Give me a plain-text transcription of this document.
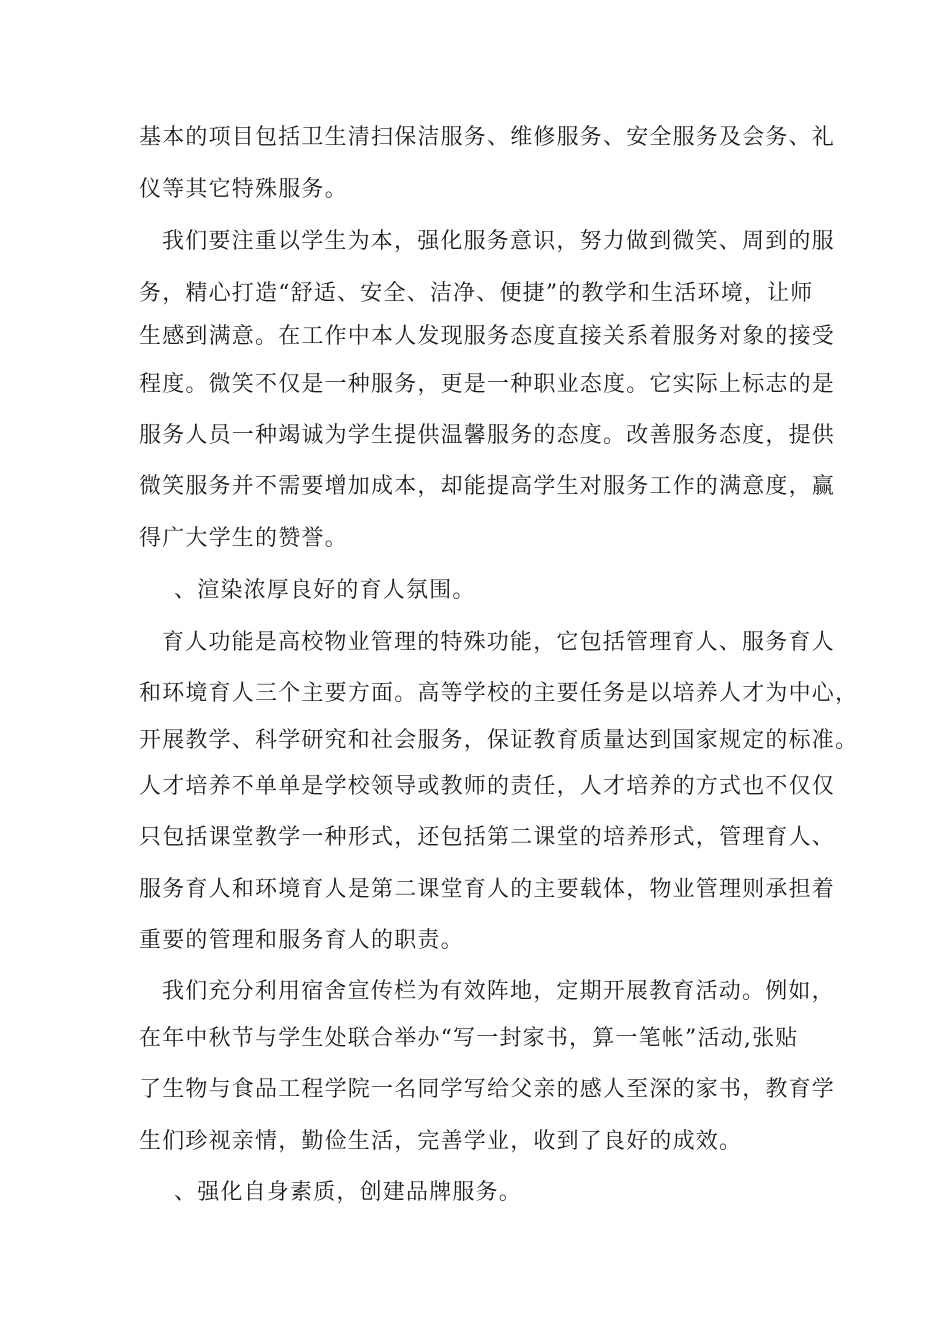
基本的项目包括卫生清扫保洁服务、维修服务、安全服务及会务、礼
仪等其它特殊服务。
我们要注重以学生为本，强化服务意识，努力做到微笑、周到的服
务，精心打造“舒适、安全、洁净、便捷”的教学和生活环境，让师
生感到满意。在工作中本人发现服务态度直接关系着服务对象的接受
程度。微笑不仅是一种服务，更是一种职业态度。它实际上标志的是
服务人员一种竭诚为学生提供温馨服务的态度。改善服务态度，提供
微笑服务并不需要增加成本，却能提高学生对服务工作的满意度，赢
得广大学生的赞誉。
、渲染浓厚良好的育人氛围。
育人功能是高校物业管理的特殊功能，它包括管理育人、服务育人
和环境育人三个主要方面。高等学校的主要任务是以培养人才为中心，
开展教学、科学研究和社会服务，保证教育质量达到国家规定的标准。
人才培养不单单是学校领导或教师的责任，人才培养的方式也不仅仅
只包括课堂教学一种形式，还包括第二课堂的培养形式，管理育人、
服务育人和环境育人是第二课堂育人的主要载体，物业管理则承担着
重要的管理和服务育人的职责。
我们充分利用宿舍宣传栏为有效阵地，定期开展教育活动。例如，
在年中秋节与学生处联合举办“写一封家书，算一笔帐”活动,张贴
了生物与食品工程学院一名同学写给父亲的感人至深的家书，教育学
生们珍视亲情，勤俭生活，完善学业，收到了良好的成效。
、强化自身素质，创建品牌服务。
